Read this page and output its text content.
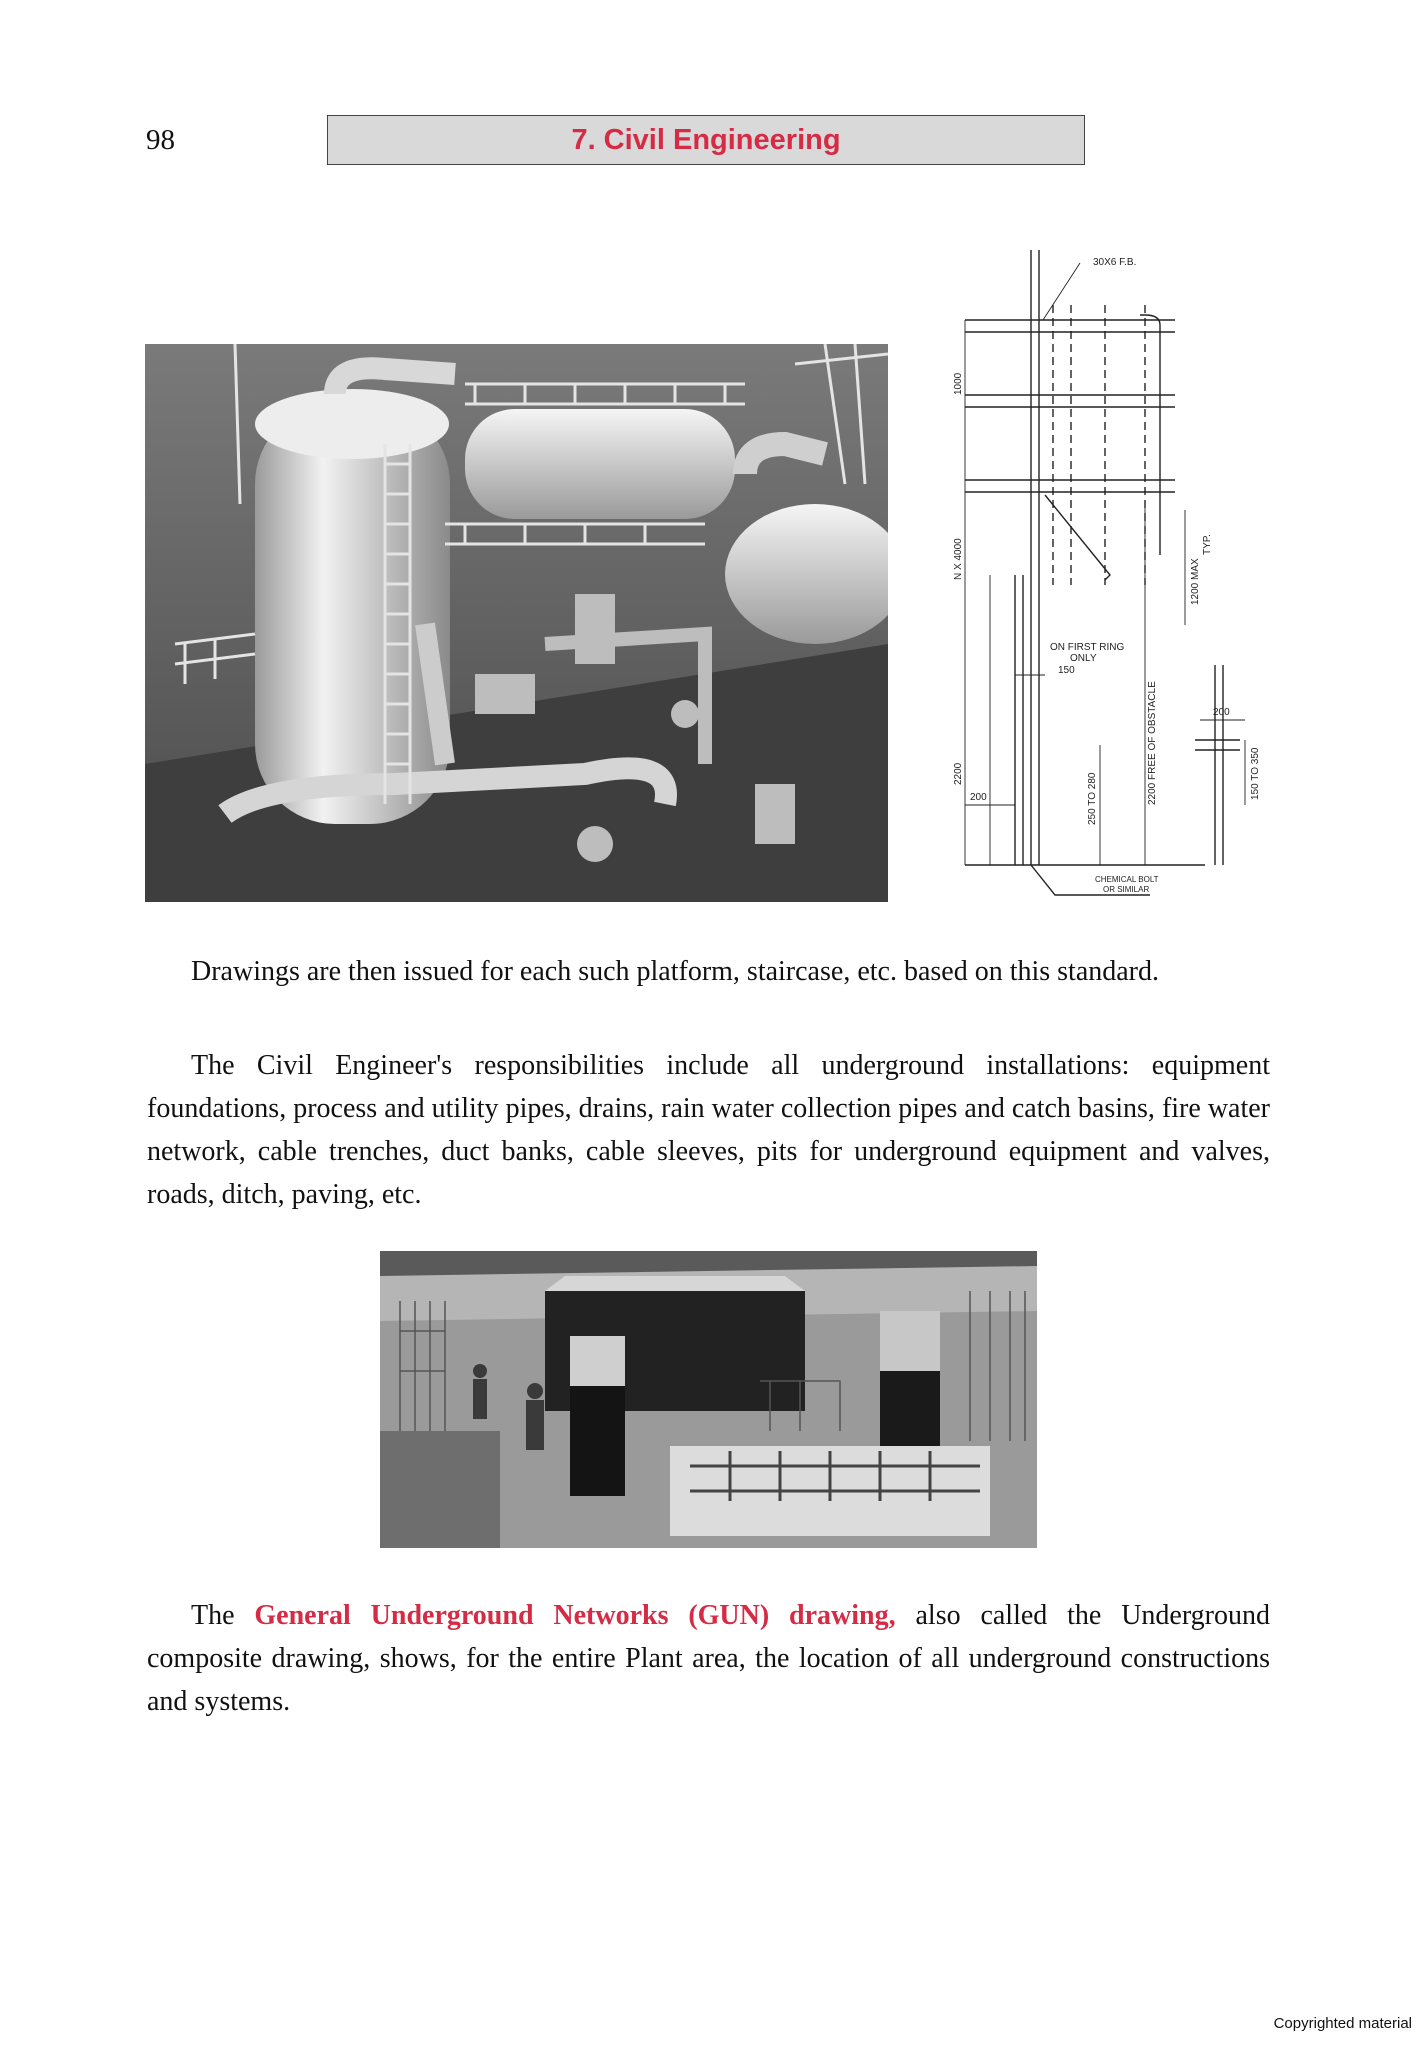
98	7. Civil Engineering
30X6 F.B.
1000
N X 4000
2200
150
200	250 TO 280
1200 MAX
TYP.
ON FIRST RING
ONLY
2200 FREE OF OBSTACLE	200
150 TO 350
CHEMICAL BOLT
OR SIMILAR

Drawings are then issued for each such platform, staircase, etc. based on this standard.

The Civil Engineer's responsibilities include all underground installations: equipment foundations, process and utility pipes, drains, rain water collection pipes and catch basins, fire water network, cable trenches, duct banks, cable sleeves, pits for underground equipment and valves, roads, ditch, paving, etc.

The General Underground Networks (GUN) drawing, also called the Underground composite drawing, shows, for the entire Plant area, the location of all underground constructions and systems.

Copyrighted material
